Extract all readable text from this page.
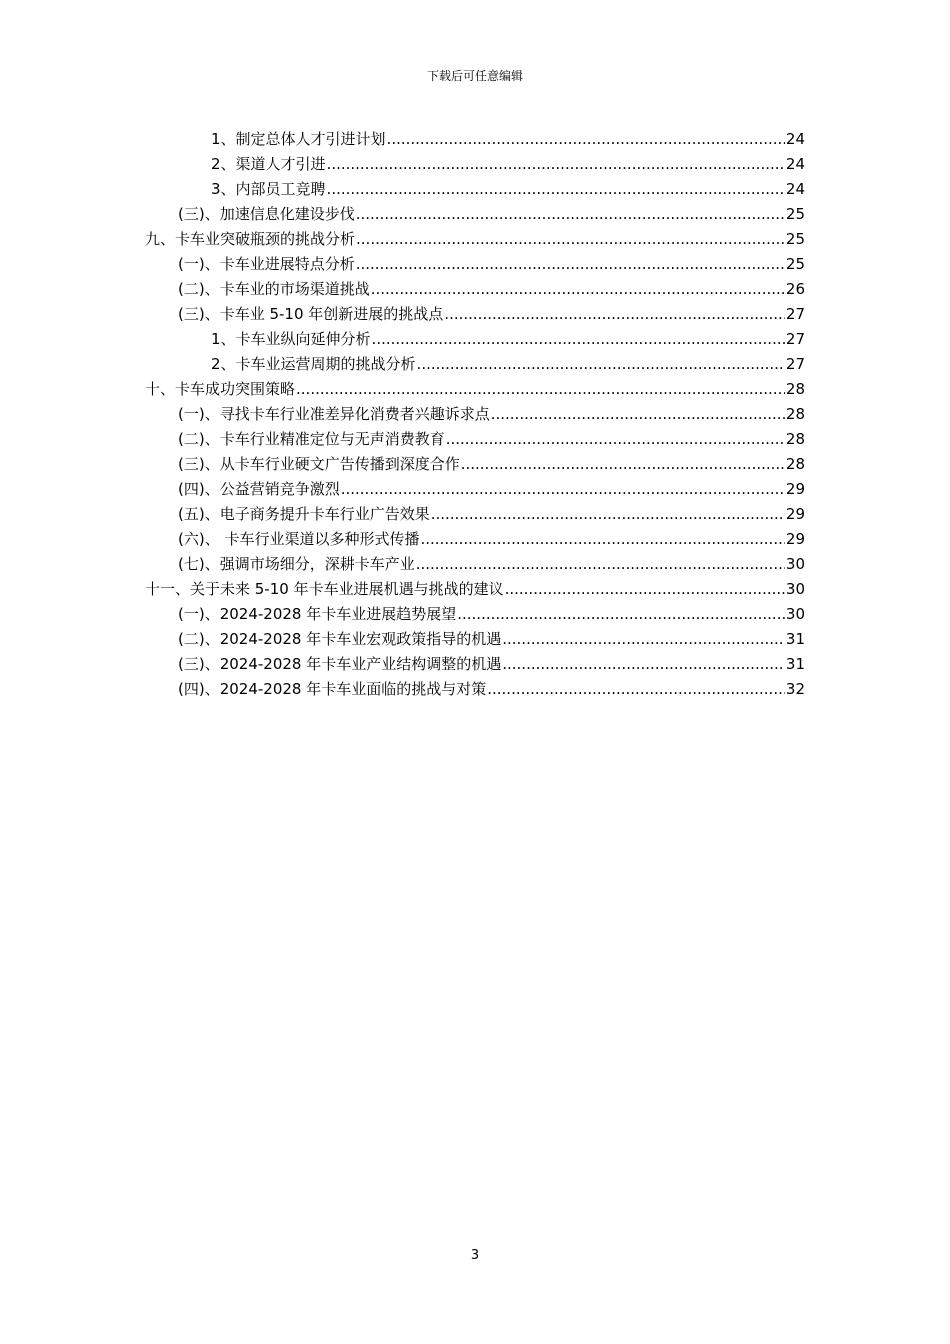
下载后可任意编辑
1、制定总体人才引进计划 .....	24
2、渠道人才引进 .....	24
3、内部员工竞聘 .....	24
(三)、加速信息化建设步伐 .....	25
九、卡车业突破瓶颈的挑战分析 .....	25
(一)、卡车业进展特点分析 .....	25
(二)、卡车业的市场渠道挑战 .....	26
(三)、卡车业 5-10 年创新进展的挑战点 .....	27
1、卡车业纵向延伸分析 .....	27
2、卡车业运营周期的挑战分析 .....	27
十、卡车成功突围策略 .....	28
(一)、寻找卡车行业准差异化消费者兴趣诉求点 .....	28
(二)、卡车行业精准定位与无声消费教育 .....	28
(三)、从卡车行业硬文广告传播到深度合作 .....	28
(四)、公益营销竞争激烈 .....	29
(五)、电子商务提升卡车行业广告效果 .....	29
(六)、 卡车行业渠道以多种形式传播 .....	29
(七)、强调市场细分，深耕卡车产业 .....	30
十一、关于未来 5-10 年卡车业进展机遇与挑战的建议 .....	30
(一)、2024-2028 年卡车业进展趋势展望 .....	30
(二)、2024-2028 年卡车业宏观政策指导的机遇 .....	31
(三)、2024-2028 年卡车业产业结构调整的机遇 .....	31
(四)、2024-2028 年卡车业面临的挑战与对策 .....	32
3
